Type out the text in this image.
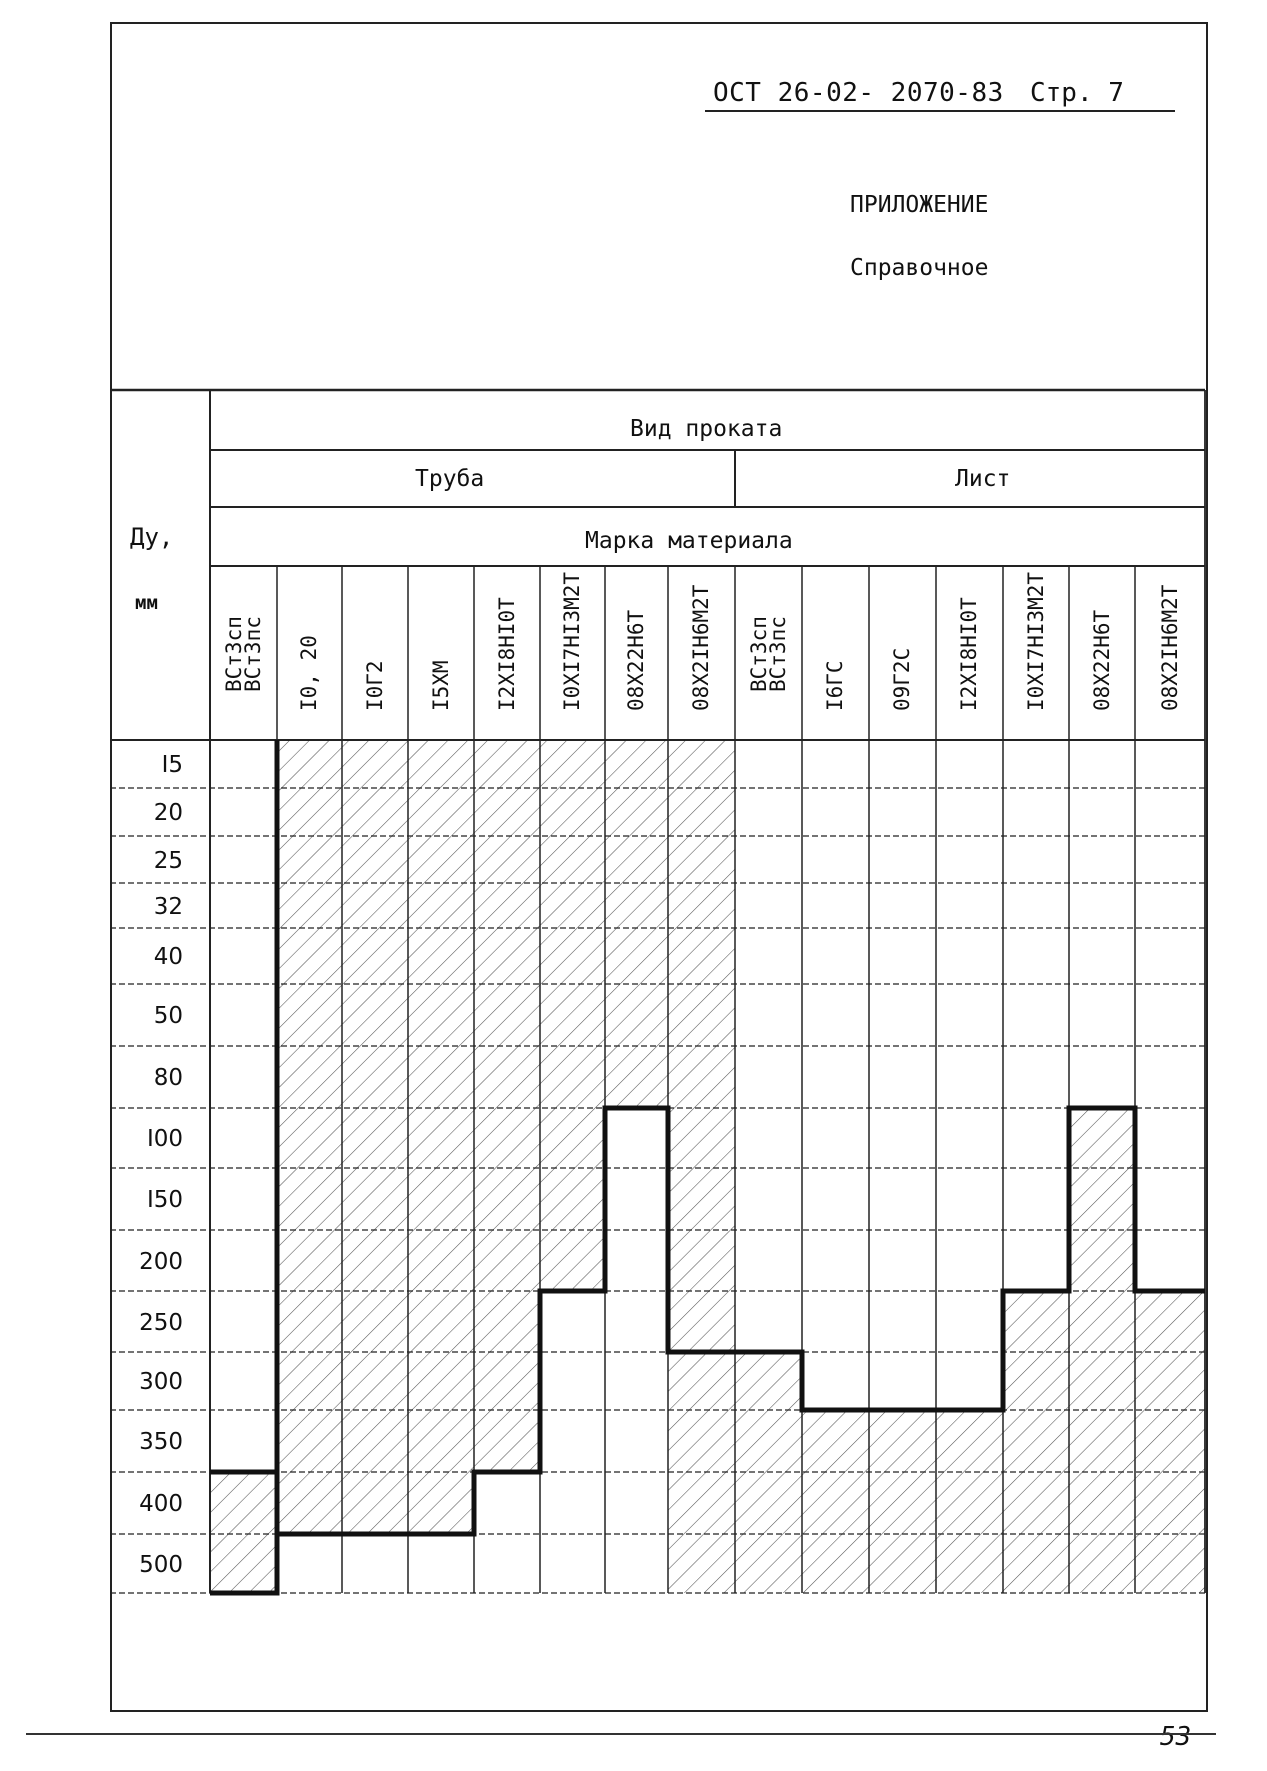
ОСТ 26-02- 2070-83 Стр. 7
ПРИЛОЖЕНИЕ
Справочное
Ду,
мм
Вид проката
Труба	Лист
Марка материала
ВСт3сп
ВСт3пс I0, 20 I0Г2 I5ХМ I2ХI8НI0Т I0ХI7НI3М2Т 08Х22Н6Т 08Х2IН6М2Т ВСт3сп
ВСт3пс I6ГС 09Г2С I2ХI8НI0Т I0ХI7НI3М2Т 08Х22Н6Т 08Х2IН6М2Т
I5
20
25
32
40
50
80
I00
I50
200
250
300
350
400
500
53
